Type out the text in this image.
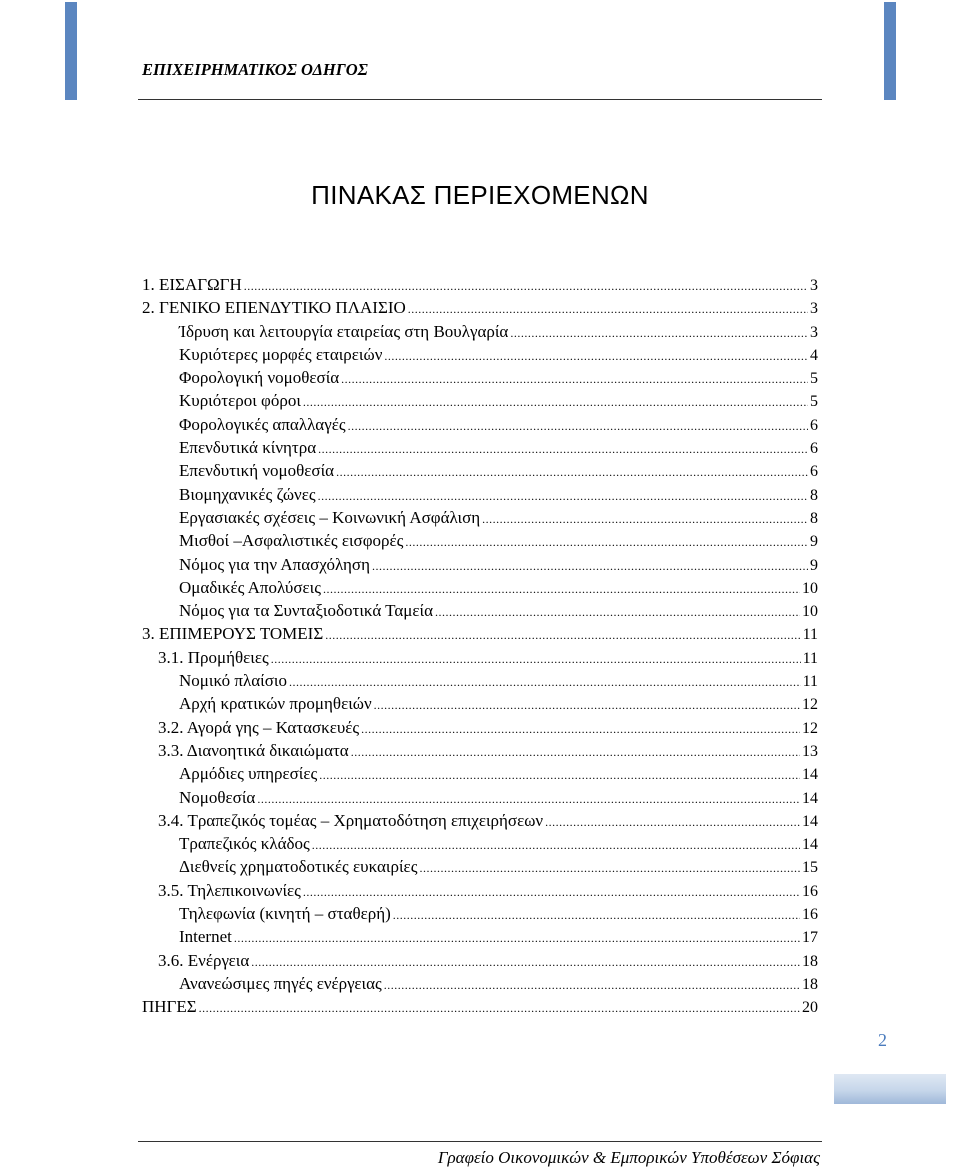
ΕΠΙΧΕΙΡΗΜΑΤΙΚΟΣ ΟΔΗΓΟΣ
ΠΙΝΑΚΑΣ ΠΕΡΙΕΧΟΜΕΝΩΝ
1. ΕΙΣΑΓΩΓΗ .....	3
2. ΓΕΝΙΚΟ ΕΠΕΝΔΥΤΙΚΟ ΠΛΑΙΣΙΟ .....	3
Ίδρυση και λειτουργία εταιρείας στη Βουλγαρία .....	3
Κυριότερες μορφές εταιρειών .....	4
Φορολογική νομοθεσία .....	5
Κυριότεροι φόροι .....	5
Φορολογικές απαλλαγές .....	6
Επενδυτικά κίνητρα .....	6
Επενδυτική νομοθεσία .....	6
Βιομηχανικές ζώνες .....	8
Εργασιακές σχέσεις – Κοινωνική Ασφάλιση .....	8
Μισθοί –Ασφαλιστικές εισφορές .....	9
Νόμος για την Απασχόληση .....	9
Ομαδικές Απολύσεις .....	10
Νόμος για τα Συνταξιοδοτικά Ταμεία .....	10
3. ΕΠΙΜΕΡΟΥΣ ΤΟΜΕΙΣ .....	11
3.1. Προμήθειες .....	11
Νομικό πλαίσιο .....	11
Αρχή κρατικών προμηθειών .....	12
3.2. Αγορά γης – Κατασκευές .....	12
3.3. Διανοητικά δικαιώματα .....	13
Αρμόδιες υπηρεσίες .....	14
Νομοθεσία .....	14
3.4. Τραπεζικός τομέας – Χρηματοδότηση επιχειρήσεων .....	14
Τραπεζικός κλάδος .....	14
Διεθνείς χρηματοδοτικές ευκαιρίες .....	15
3.5. Τηλεπικοινωνίες .....	16
Τηλεφωνία (κινητή – σταθερή) .....	16
Internet .....	17
3.6. Ενέργεια .....	18
Ανανεώσιμες πηγές ενέργειας .....	18
ΠΗΓΕΣ .....	20
2
Γραφείο Οικονομικών & Εμπορικών Υποθέσεων Σόφιας
